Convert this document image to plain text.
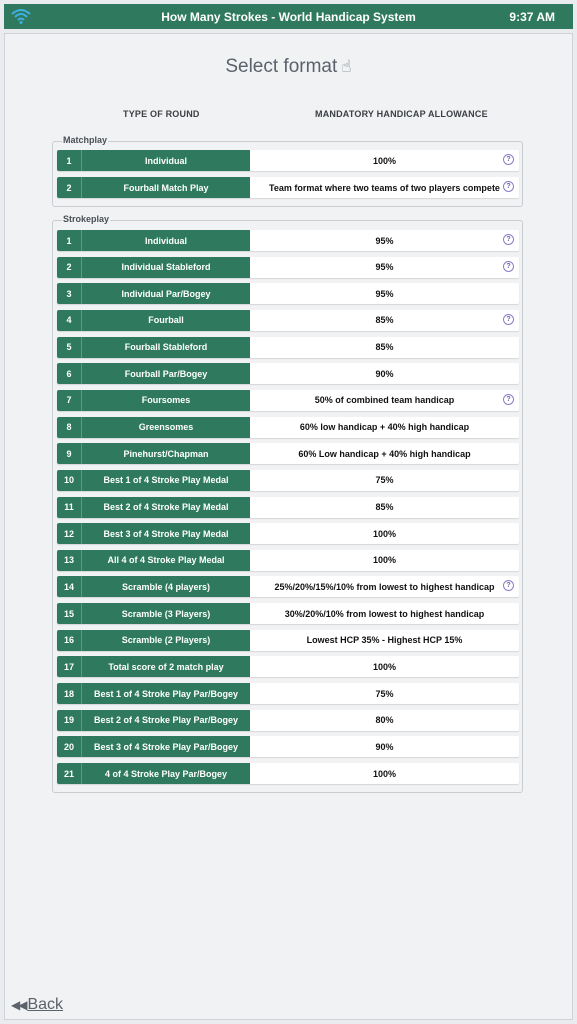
How Many Strokes - World Handicap System	9:37 AM
Select format ☝
TYPE OF ROUND	MANDATORY HANDICAP ALLOWANCE
Matchplay
1	Individual	100%	?
2	Fourball Match Play	Team format where two teams of two players compete ?
Strokeplay
1	Individual	95%	?
2	Individual Stableford	95%	?
3	Individual Par/Bogey	95%
4	Fourball	85%	?
5	Fourball Stableford	85%
6	Fourball Par/Bogey	90%
7	Foursomes	50% of combined team handicap	?
8	Greensomes	60% low handicap + 40% high handicap
9	Pinehurst/Chapman	60% Low handicap + 40% high handicap
10	Best 1 of 4 Stroke Play Medal	75%
11	Best 2 of 4 Stroke Play Medal	85%
12	Best 3 of 4 Stroke Play Medal	100%
13	All 4 of 4 Stroke Play Medal	100%
14	Scramble (4 players)	25%/20%/15%/10% from lowest to highest handicap	?
15	Scramble (3 Players)	30%/20%/10% from lowest to highest handicap
16	Scramble (2 Players)	Lowest HCP 35% - Highest HCP 15%
17	Total score of 2 match play	100%
18	Best 1 of 4 Stroke Play Par/Bogey	75%
19	Best 2 of 4 Stroke Play Par/Bogey	80%
20	Best 3 of 4 Stroke Play Par/Bogey	90%
21	4 of 4 Stroke Play Par/Bogey	100%
◀◀ Back
